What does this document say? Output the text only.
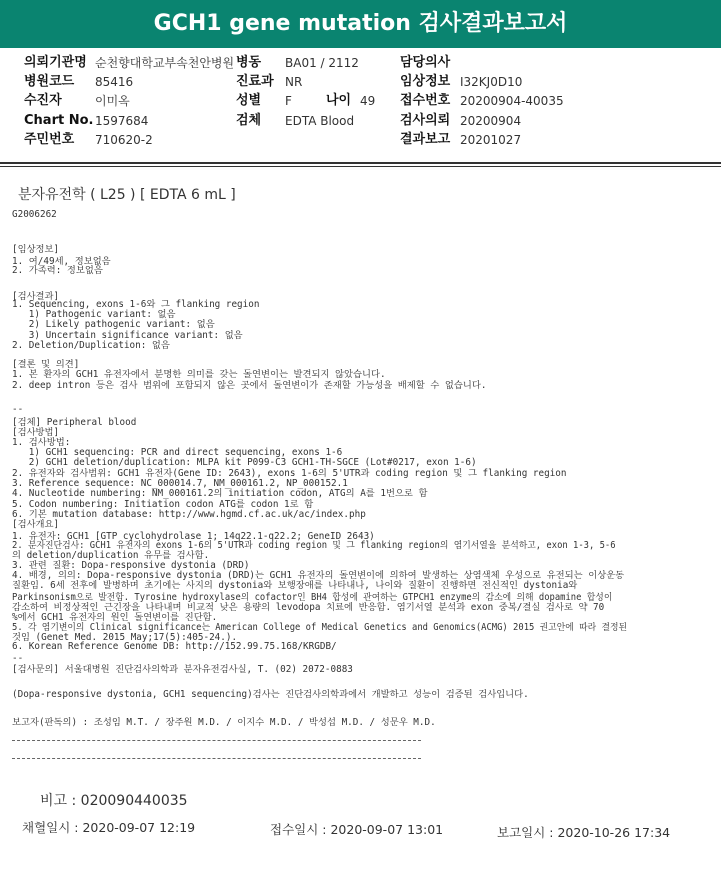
GCH1 gene mutation 검사결과보고서
의뢰기관명 순천향대학교부속천안병원 병동 BA01 / 2112	담당의사
병원코드 85416	진료과 NR	임상정보 I32KJ0D10
수진자	이미옥	성별 F	나이 49 접수번호 20200904-40035
Chart No. 1597684	검체 EDTA Blood	검사의뢰 20200904
주민번호 710620-2	결과보고 20201027
분자유전학 ( L25 ) [ EDTA 6 mL ]
G2006262
[임상정보]
1. 여/49세, 정보없음
2. 가족력: 정보없음
[검사결과]
1. Sequencing, exons 1-6와 그 flanking region
1) Pathogenic variant: 없음
2) Likely pathogenic variant: 없음
3) Uncertain significance variant: 없음
2. Deletion/Duplication: 없음
[결론 및 의견]
1. 본 환자의 GCH1 유전자에서 분명한 의미를 갖는 돌연변이는 발견되지 않았습니다.
2. deep intron 등은 검사 범위에 포함되지 않은 곳에서 돌연변이가 존재할 가능성을 배제할 수 없습니다.
--
[검체] Peripheral blood
[검사방법]
1. 검사방법:
1) GCH1 sequencing: PCR and direct sequencing, exons 1-6
2) GCH1 deletion/duplication: MLPA kit P099-C3 GCH1-TH-SGCE (Lot#0217, exon 1-6)
2. 유전자와 검사범위: GCH1 유전자(Gene ID: 2643), exons 1-6의 5'UTR과 coding region 및 그 flanking region
3. Reference sequence: NC_000014.7, NM_000161.2, NP_000152.1
4. Nucleotide numbering: NM_000161.2의 initiation codon, ATG의 A를 1번으로 함
5. Codon numbering: Initiation codon ATG를 codon 1로 함
6. 기본 mutation database: http://www.hgmd.cf.ac.uk/ac/index.php
[검사개요]
1. 유전자: GCH1 [GTP cyclohydrolase 1; 14q22.1-q22.2; GeneID 2643)
2. 분자진단검사: GCH1 유전자의 exons 1-6의 5'UTR과 coding region 및 그 flanking region의 염기서열을 분석하고, exon 1-3, 5-6
의 deletion/duplication 유무를 검사함.
3. 관련 질환: Dopa-responsive dystonia (DRD)
4. 배경, 의의: Dopa-responsive dystonia (DRD)는 GCH1 유전자의 돌연변이에 의하여 발생하는 상염색체 우성으로 유전되는 이상운동
질환임. 6세 전후에 발병하며 초기에는 사지의 dystonia와 보행장애를 나타내나, 나이와 질환이 진행하면 전신적인 dystonia와
Parkinsonism으로 발전함. Tyrosine hydroxylase의 cofactor인 BH4 합성에 관여하는 GTPCH1 enzyme의 감소에 의해 dopamine 합성이
감소하여 비정상적인 근긴장을 나타내며 비교적 낮은 용량의 levodopa 치료에 반응함. 염기서열 분석과 exon 중복/결실 검사로 약 70
%에서 GCH1 유전자의 원인 돌연변이를 진단함.
5. 각 염기변이의 Clinical significance는 American College of Medical Genetics and Genomics(ACMG) 2015 권고안에 따라 결정된
것임 (Genet Med. 2015 May;17(5):405-24.).
6. Korean Reference Genome DB: http://152.99.75.168/KRGDB/
--
[검사문의] 서울대병원 진단검사의학과 분자유전검사실, T. (02) 2072-0883
(Dopa-responsive dystonia, GCH1 sequencing)검사는 진단검사의학과에서 개발하고 성능이 검증된 검사입니다.
보고자(판독의) : 조성임 M.T. / 장주원 M.D. / 이지수 M.D. / 박성섭 M.D. / 성문우 M.D.
비고 : 020090440035
채혈일시 : 2020-09-07 12:19	접수일시 : 2020-09-07 13:01	보고일시 : 2020-10-26 17:34
